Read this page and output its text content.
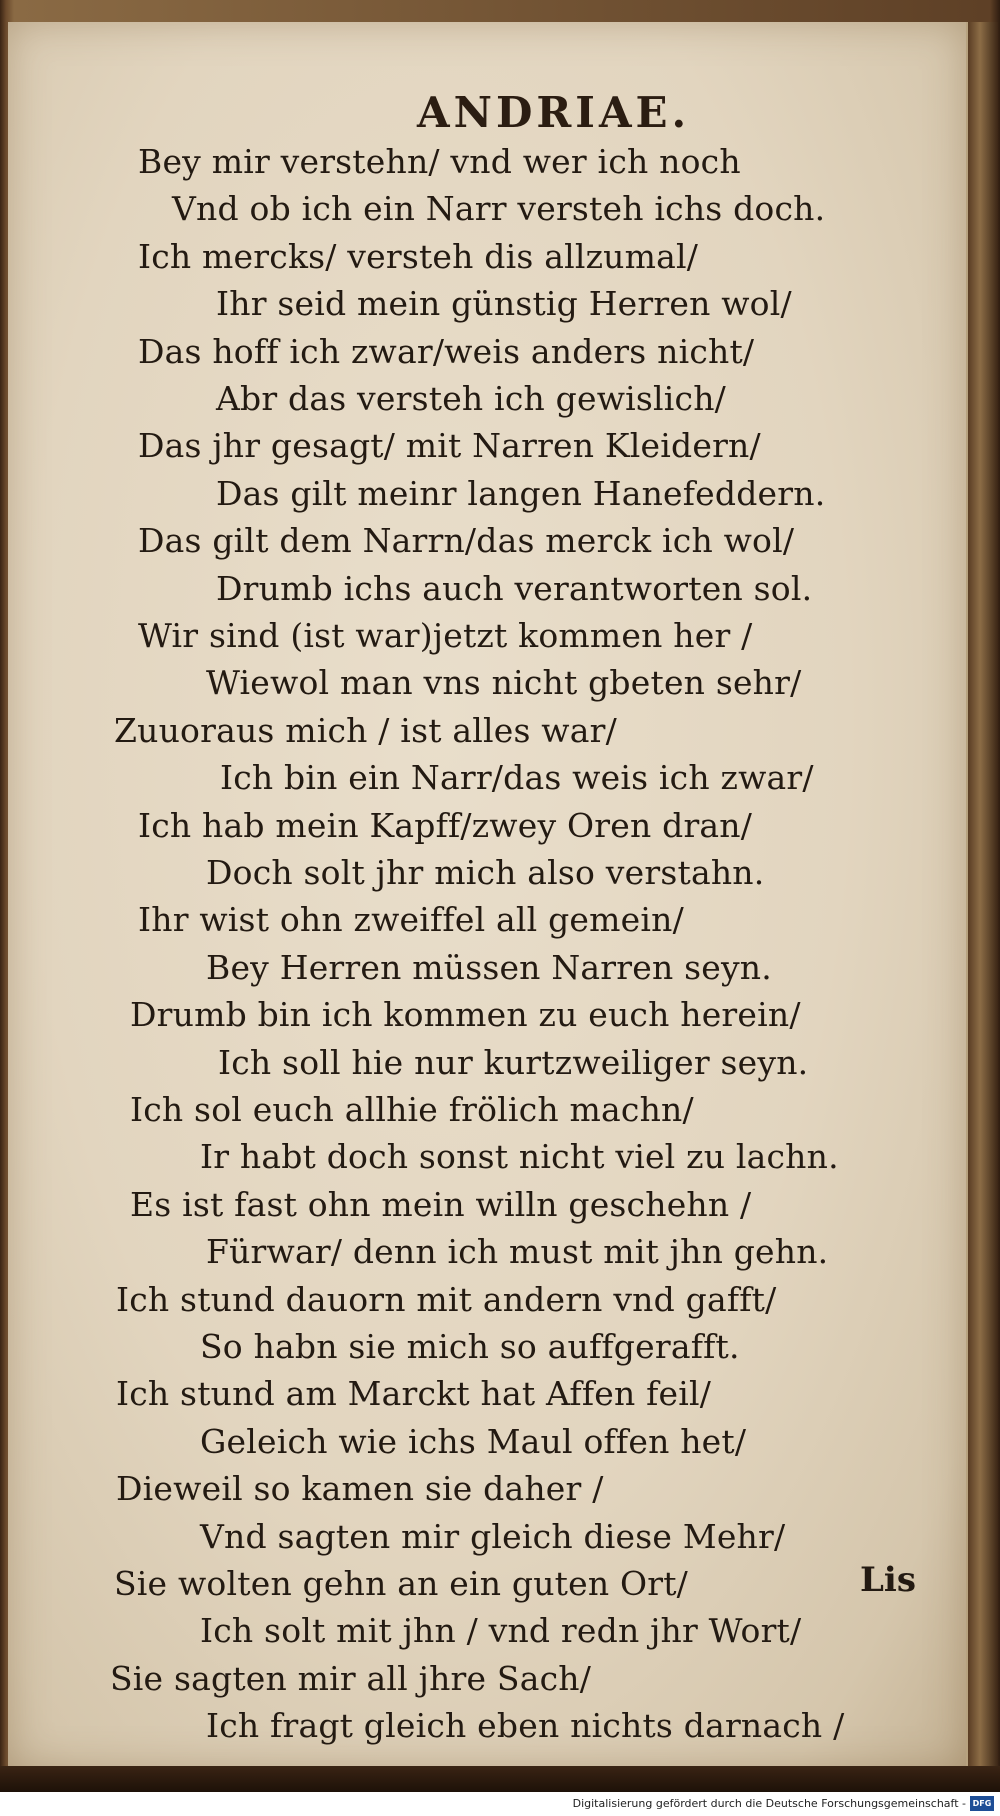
ANDRIAE.
Bey mir verstehn/ vnd wer ich noch
Vnd ob ich ein Narr versteh ichs doch.
Ich mercks/ versteh dis allzumal/
Ihr seid mein günstig Herren wol/
Das hoff ich zwar/weis anders nicht/
Abr das versteh ich gewislich/
Das jhr gesagt/ mit Narren Kleidern/
Das gilt meinr langen Hanefeddern.
Das gilt dem Narrn/das merck ich wol/
Drumb ichs auch verantworten sol.
Wir sind (ist war)jetzt kommen her /
Wiewol man vns nicht gbeten sehr/
Zuuoraus mich / ist alles war/
Ich bin ein Narr/das weis ich zwar/
Ich hab mein Kapff/zwey Oren dran/
Doch solt jhr mich also verstahn.
Ihr wist ohn zweiffel all gemein/
Bey Herren müssen Narren seyn.
Drumb bin ich kommen zu euch herein/
Ich soll hie nur kurtzweiliger seyn.
Ich sol euch allhie frölich machn/
Ir habt doch sonst nicht viel zu lachn.
Es ist fast ohn mein willn geschehn /
Fürwar/ denn ich must mit jhn gehn.
Ich stund dauorn mit andern vnd gafft/
So habn sie mich so auffgerafft.
Ich stund am Marckt hat Affen feil/
Geleich wie ichs Maul offen het/
Dieweil so kamen sie daher /
Vnd sagten mir gleich diese Mehr/
Sie wolten gehn an ein guten Ort/
Ich solt mit jhn / vnd redn jhr Wort/
Sie sagten mir all jhre Sach/
Ich fragt gleich eben nichts darnach /
Lis
Digitalisierung gefördert durch die Deutsche Forschungsgemeinschaft - DFG
